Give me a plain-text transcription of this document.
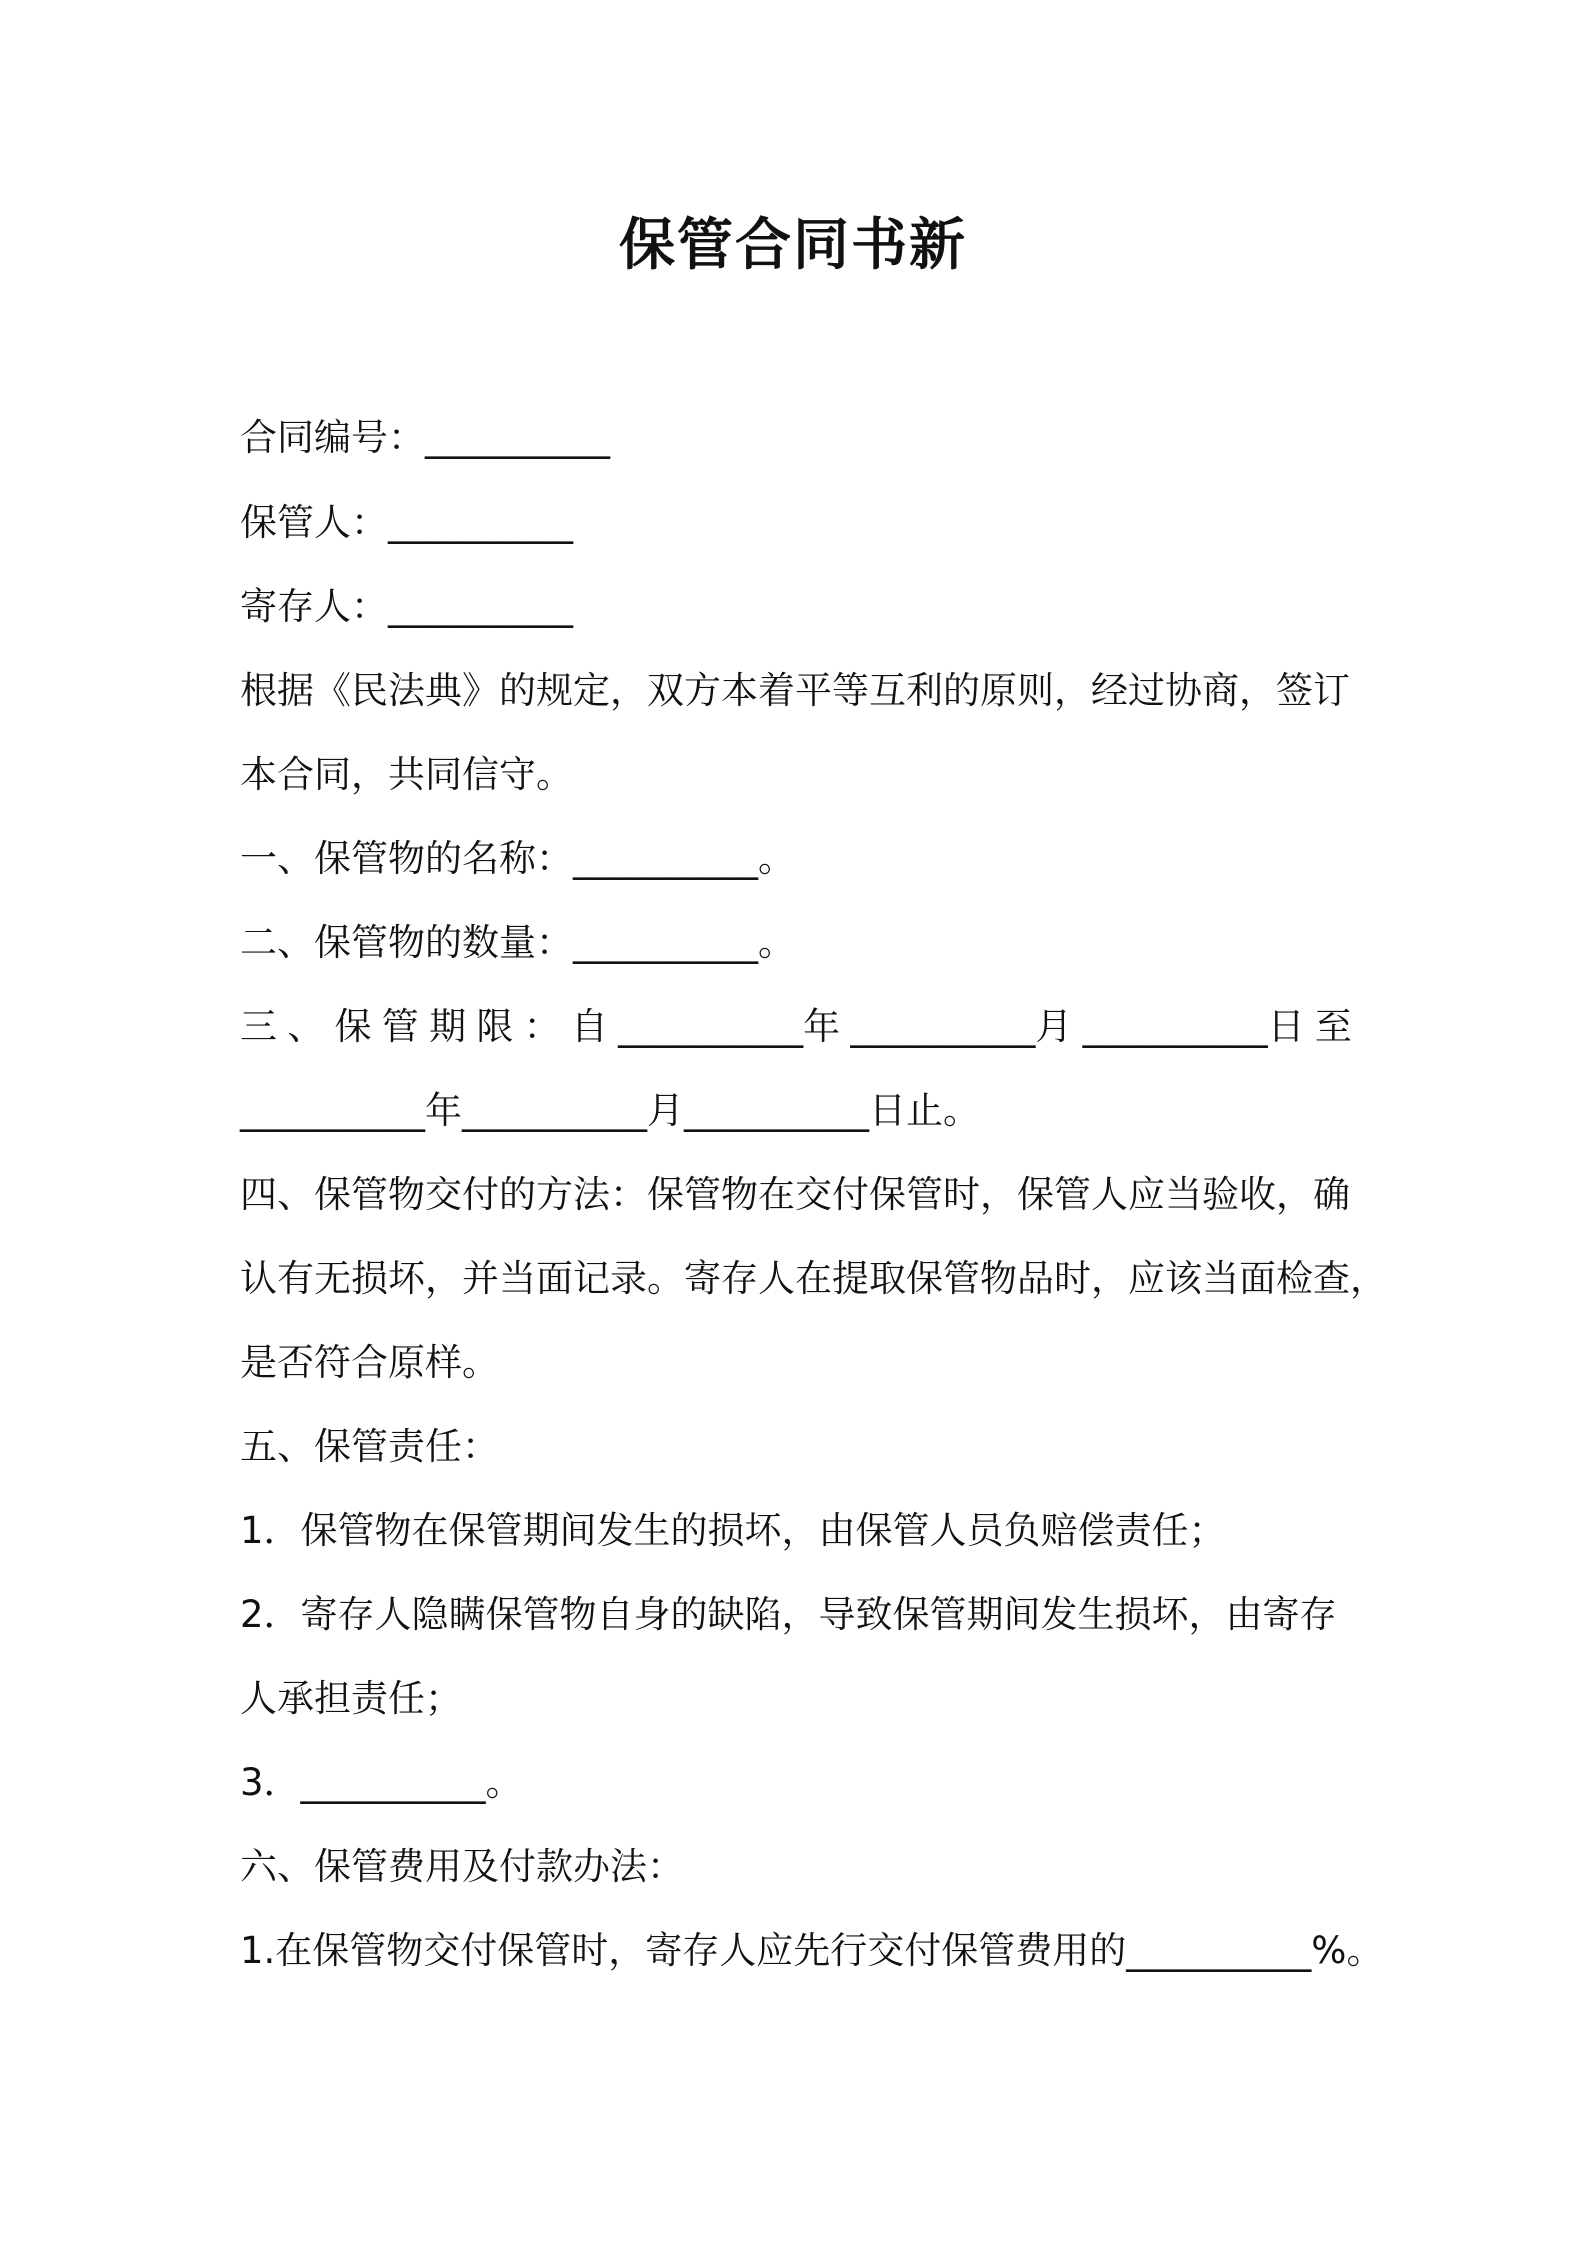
保管合同书新
合同编号：__________
保管人：__________
寄存人：__________
根据《民法典》的规定，双方本着平等互利的原则，经过协商，签订
本合同，共同信守。
一、保管物的名称：__________。
二、保管物的数量：__________。
三 、 保 管 期 限 ： 自 __________年 __________月 __________日 至
__________年__________月__________日止。
四、保管物交付的方法：保管物在交付保管时，保管人应当验收，确
认有无损坏，并当面记录。寄存人在提取保管物品时，应该当面检查，
是否符合原样。
五、保管责任：
1．保管物在保管期间发生的损坏，由保管人员负赔偿责任；
2．寄存人隐瞒保管物自身的缺陷，导致保管期间发生损坏，由寄存
人承担责任；
3．__________。
六、保管费用及付款办法：
1.在保管物交付保管时，寄存人应先行交付保管费用的__________%。
